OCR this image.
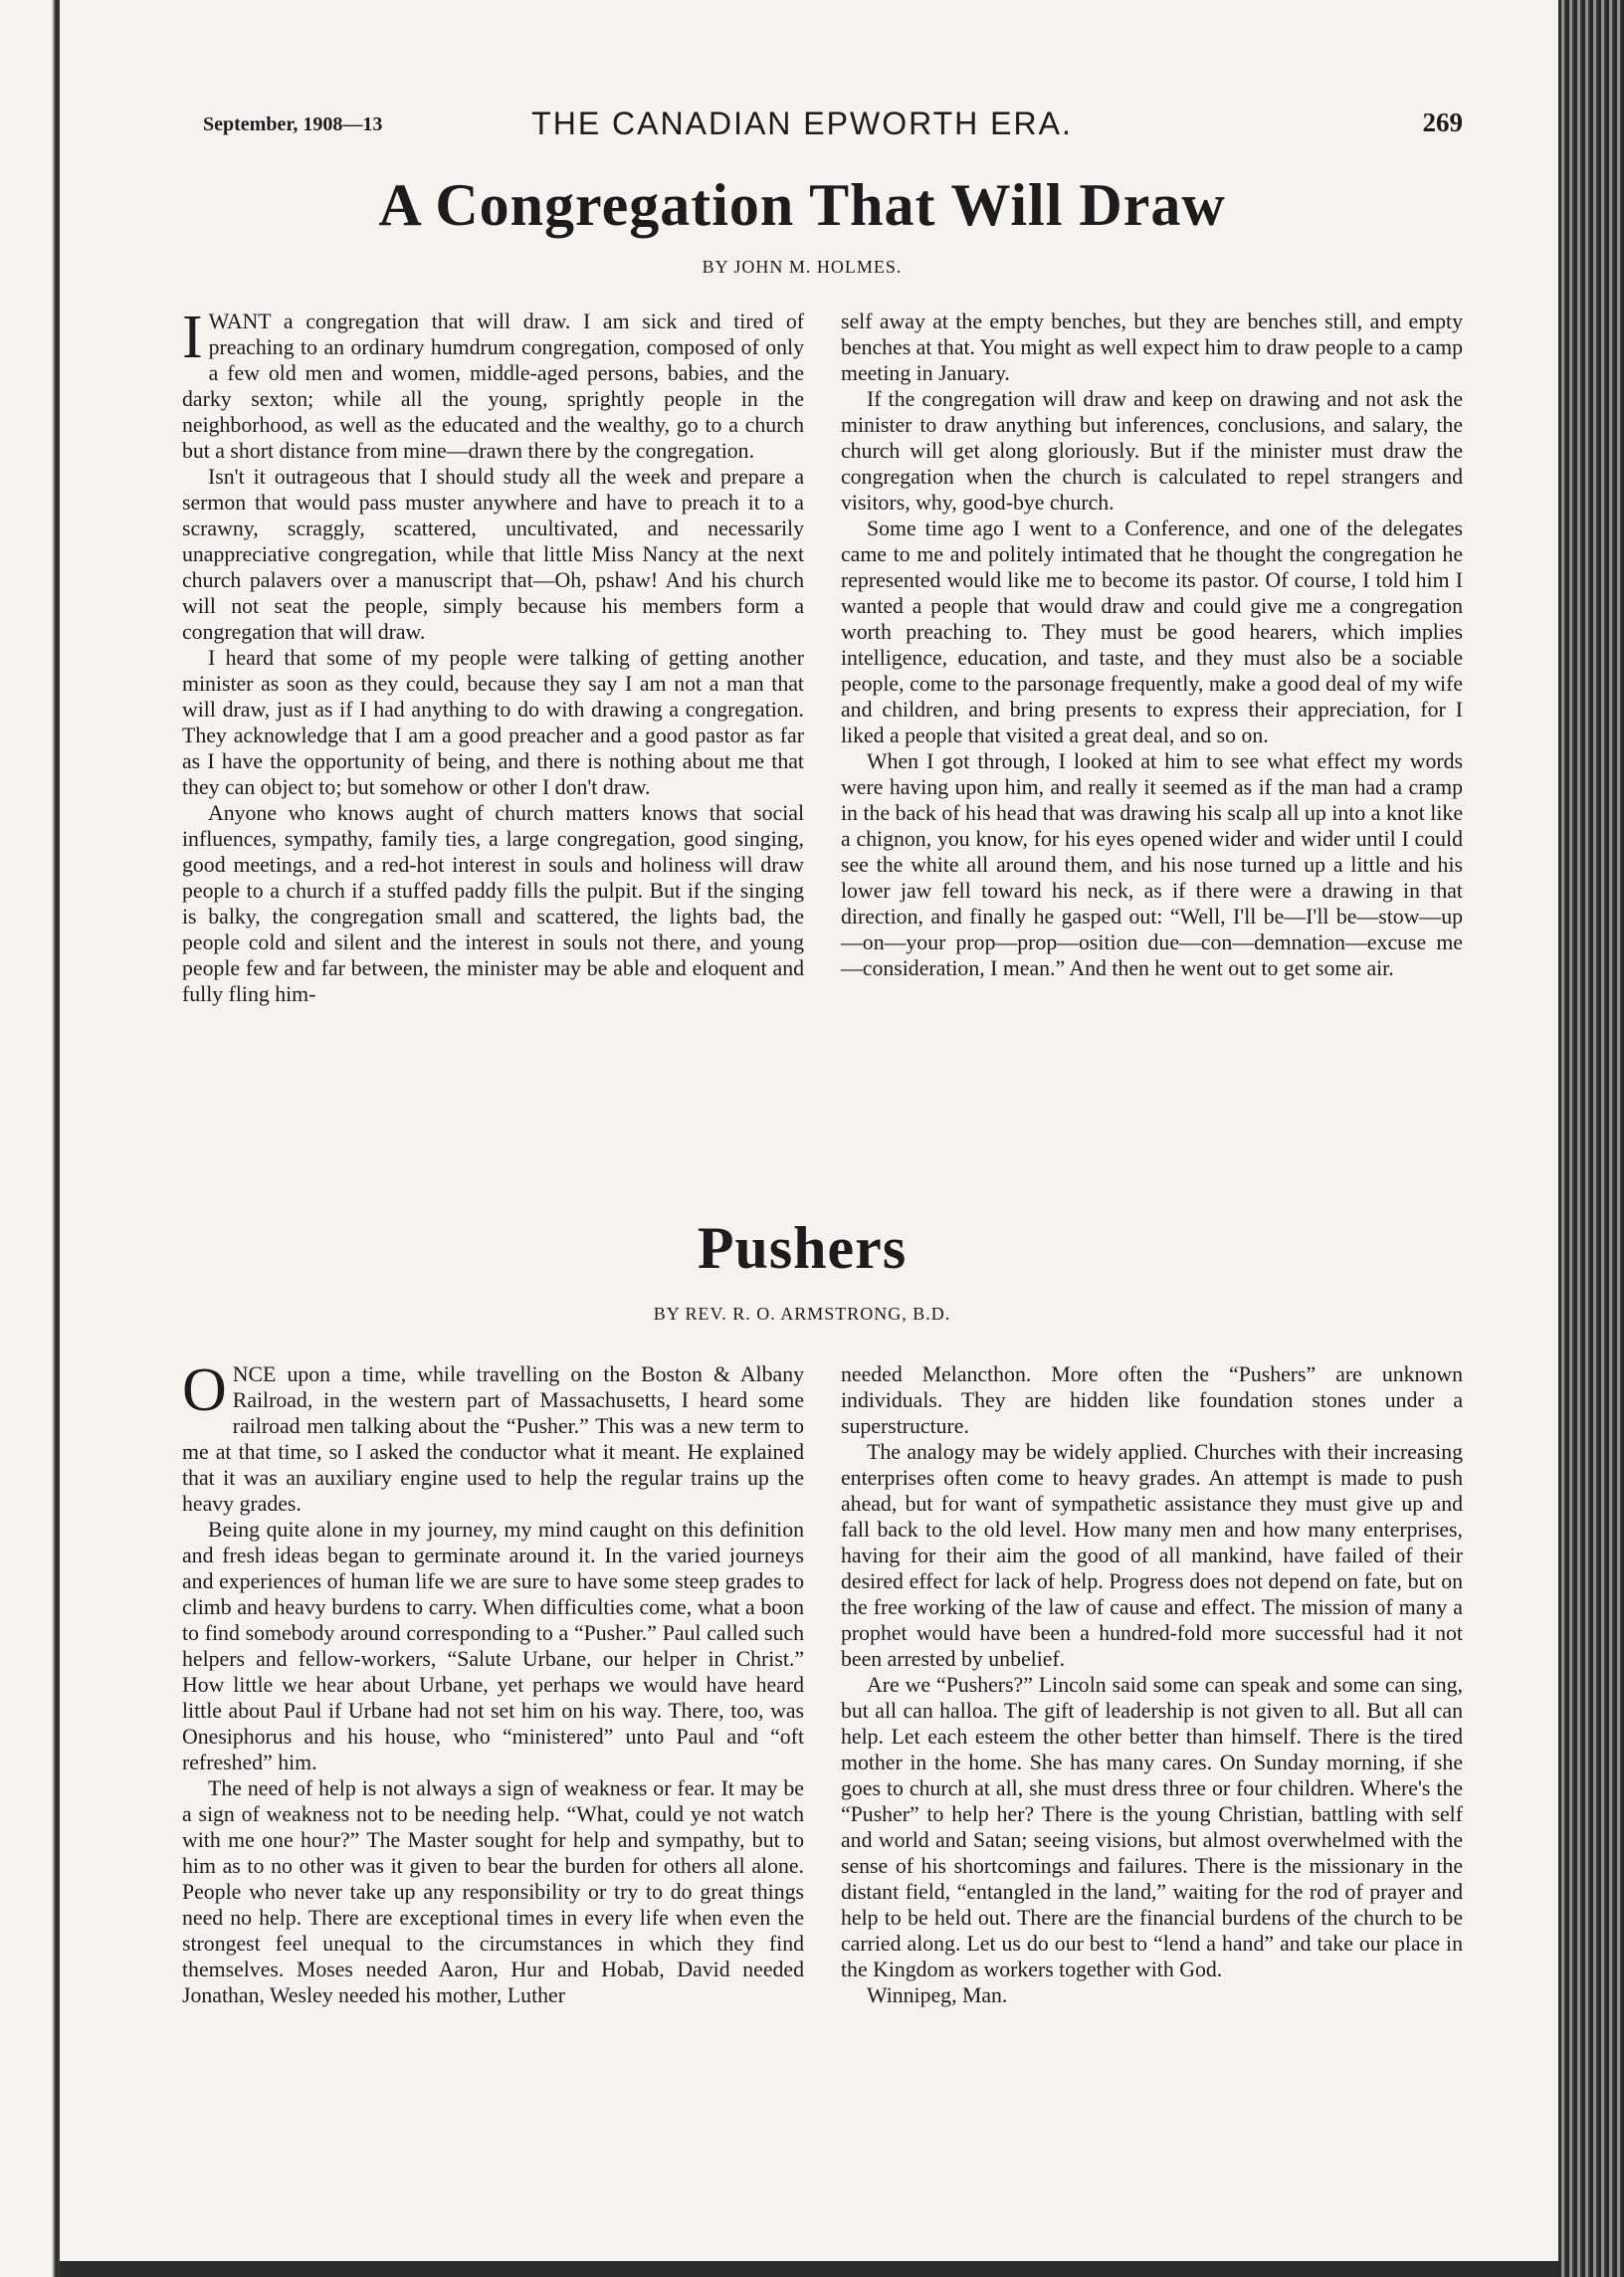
September, 1908—13	THE CANADIAN EPWORTH ERA.	269
A Congregation That Will Draw
BY JOHN M. HOLMES.

IWANT a congregation that will draw. I am sick and tired of preaching to an ordinary humdrum congregation, composed of only a few old men and women, middle-aged persons, babies, and the darky sexton; while all the young, sprightly people in the neighborhood, as well as the educated and the wealthy, go to a church but a short distance from mine—drawn there by the congregation.

Isn't it outrageous that I should study all the week and prepare a sermon that would pass muster anywhere and have to preach it to a scrawny, scraggly, scattered, uncultivated, and necessarily unappreciative congregation, while that little Miss Nancy at the next church palavers over a manuscript that—Oh, pshaw! And his church will not seat the people, simply because his members form a congregation that will draw.

I heard that some of my people were talking of getting another minister as soon as they could, because they say I am not a man that will draw, just as if I had anything to do with drawing a congregation. They acknowledge that I am a good preacher and a good pastor as far as I have the opportunity of being, and there is nothing about me that they can object to; but somehow or other I don't draw.

Anyone who knows aught of church matters knows that social influences, sympathy, family ties, a large congregation, good singing, good meetings, and a red-hot interest in souls and holiness will draw people to a church if a stuffed paddy fills the pulpit. But if the singing is balky, the congregation small and scattered, the lights bad, the people cold and silent and the interest in souls not there, and young people few and far between, the minister may be able and eloquent and fully fling him-

self away at the empty benches, but they are benches still, and empty benches at that. You might as well expect him to draw people to a camp meeting in January.

If the congregation will draw and keep on drawing and not ask the minister to draw anything but inferences, conclusions, and salary, the church will get along gloriously. But if the minister must draw the congregation when the church is calculated to repel strangers and visitors, why, good-bye church.

Some time ago I went to a Conference, and one of the delegates came to me and politely intimated that he thought the congregation he represented would like me to become its pastor. Of course, I told him I wanted a people that would draw and could give me a congregation worth preaching to. They must be good hearers, which implies intelligence, education, and taste, and they must also be a sociable people, come to the parsonage frequently, make a good deal of my wife and children, and bring presents to express their appreciation, for I liked a people that visited a great deal, and so on.

When I got through, I looked at him to see what effect my words were having upon him, and really it seemed as if the man had a cramp in the back of his head that was drawing his scalp all up into a knot like a chignon, you know, for his eyes opened wider and wider until I could see the white all around them, and his nose turned up a little and his lower jaw fell toward his neck, as if there were a drawing in that direction, and finally he gasped out: “Well, I'll be—I'll be—stow—up—on—your prop—prop—osition due—con—demnation—excuse me—consideration, I mean.” And then he went out to get some air.

Pushers
BY REV. R. O. ARMSTRONG, B.D.

ONCE upon a time, while travelling on the Boston & Albany Railroad, in the western part of Massachusetts, I heard some railroad men talking about the “Pusher.” This was a new term to me at that time, so I asked the conductor what it meant. He explained that it was an auxiliary engine used to help the regular trains up the heavy grades.

Being quite alone in my journey, my mind caught on this definition and fresh ideas began to germinate around it. In the varied journeys and experiences of human life we are sure to have some steep grades to climb and heavy burdens to carry. When difficulties come, what a boon to find somebody around corresponding to a “Pusher.” Paul called such helpers and fellow-workers, “Salute Urbane, our helper in Christ.” How little we hear about Urbane, yet perhaps we would have heard little about Paul if Urbane had not set him on his way. There, too, was Onesiphorus and his house, who “ministered” unto Paul and “oft refreshed” him.

The need of help is not always a sign of weakness or fear. It may be a sign of weakness not to be needing help. “What, could ye not watch with me one hour?” The Master sought for help and sympathy, but to him as to no other was it given to bear the burden for others all alone. People who never take up any responsibility or try to do great things need no help. There are exceptional times in every life when even the strongest feel unequal to the circumstances in which they find themselves. Moses needed Aaron, Hur and Hobab, David needed Jonathan, Wesley needed his mother, Luther

needed Melancthon. More often the “Pushers” are unknown individuals. They are hidden like foundation stones under a superstructure.

The analogy may be widely applied. Churches with their increasing enterprises often come to heavy grades. An attempt is made to push ahead, but for want of sympathetic assistance they must give up and fall back to the old level. How many men and how many enterprises, having for their aim the good of all mankind, have failed of their desired effect for lack of help. Progress does not depend on fate, but on the free working of the law of cause and effect. The mission of many a prophet would have been a hundred-fold more successful had it not been arrested by unbelief.

Are we “Pushers?” Lincoln said some can speak and some can sing, but all can halloa. The gift of leadership is not given to all. But all can help. Let each esteem the other better than himself. There is the tired mother in the home. She has many cares. On Sunday morning, if she goes to church at all, she must dress three or four children. Where's the “Pusher” to help her? There is the young Christian, battling with self and world and Satan; seeing visions, but almost overwhelmed with the sense of his shortcomings and failures. There is the missionary in the distant field, “entangled in the land,” waiting for the rod of prayer and help to be held out. There are the financial burdens of the church to be carried along. Let us do our best to “lend a hand” and take our place in the Kingdom as workers together with God.

Winnipeg, Man.
